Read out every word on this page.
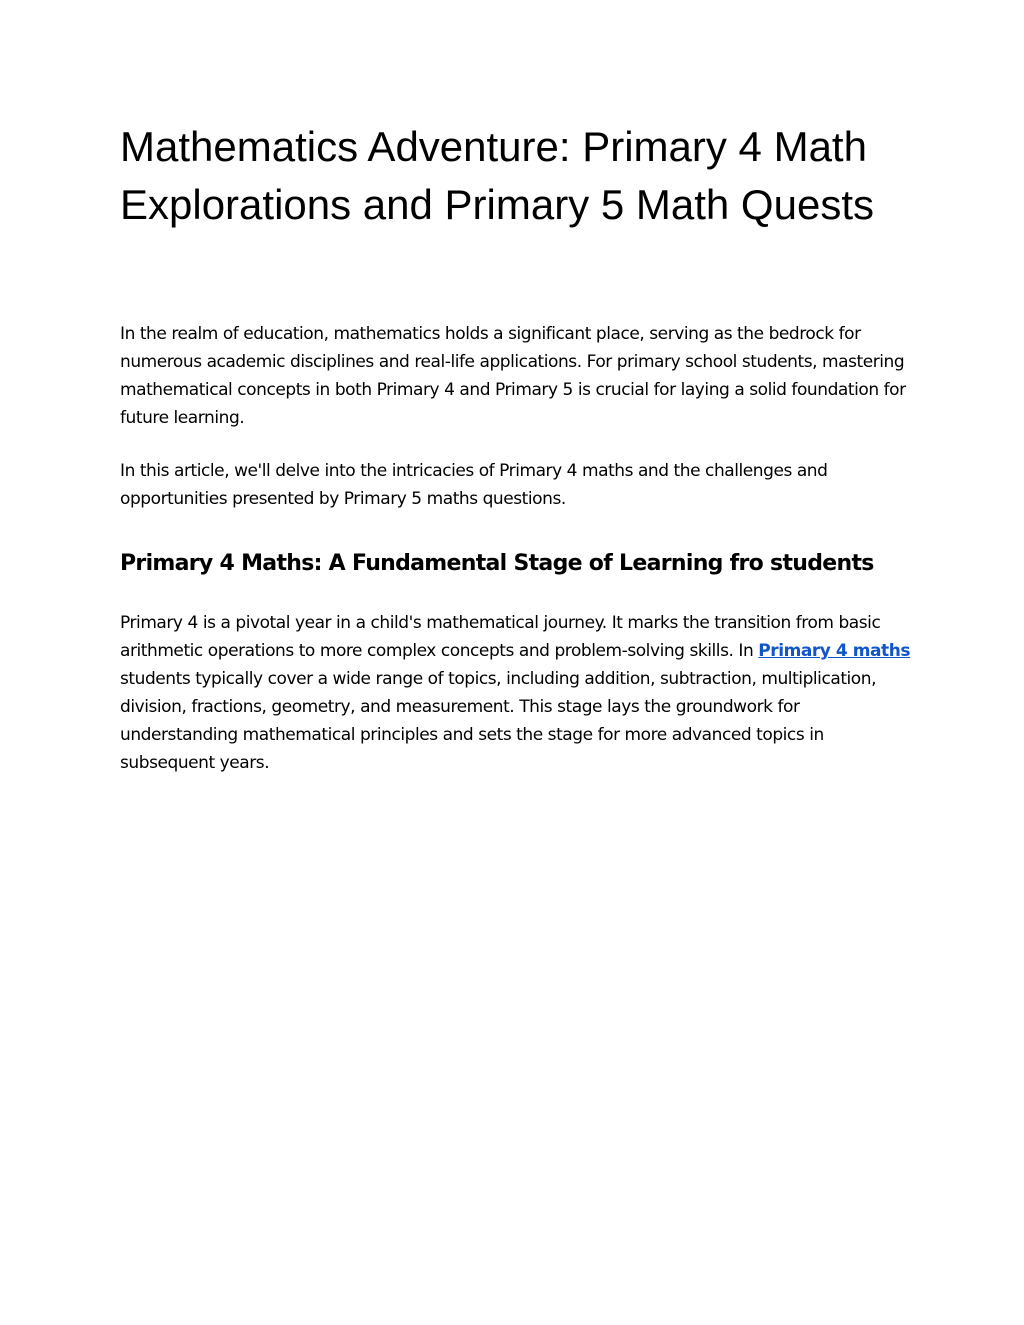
Mathematics Adventure: Primary 4 Math Explorations and Primary 5 Math Quests

In the realm of education, mathematics holds a significant place, serving as the bedrock for numerous academic disciplines and real-life applications. For primary school students, mastering mathematical concepts in both Primary 4 and Primary 5 is crucial for laying a solid foundation for future learning.

In this article, we'll delve into the intricacies of Primary 4 maths and the challenges and opportunities presented by Primary 5 maths questions.

Primary 4 Maths: A Fundamental Stage of Learning fro students

Primary 4 is a pivotal year in a child's mathematical journey. It marks the transition from basic arithmetic operations to more complex concepts and problem-solving skills. In Primary 4 maths students typically cover a wide range of topics, including addition, subtraction, multiplication, division, fractions, geometry, and measurement. This stage lays the groundwork for understanding mathematical principles and sets the stage for more advanced topics in subsequent years.
